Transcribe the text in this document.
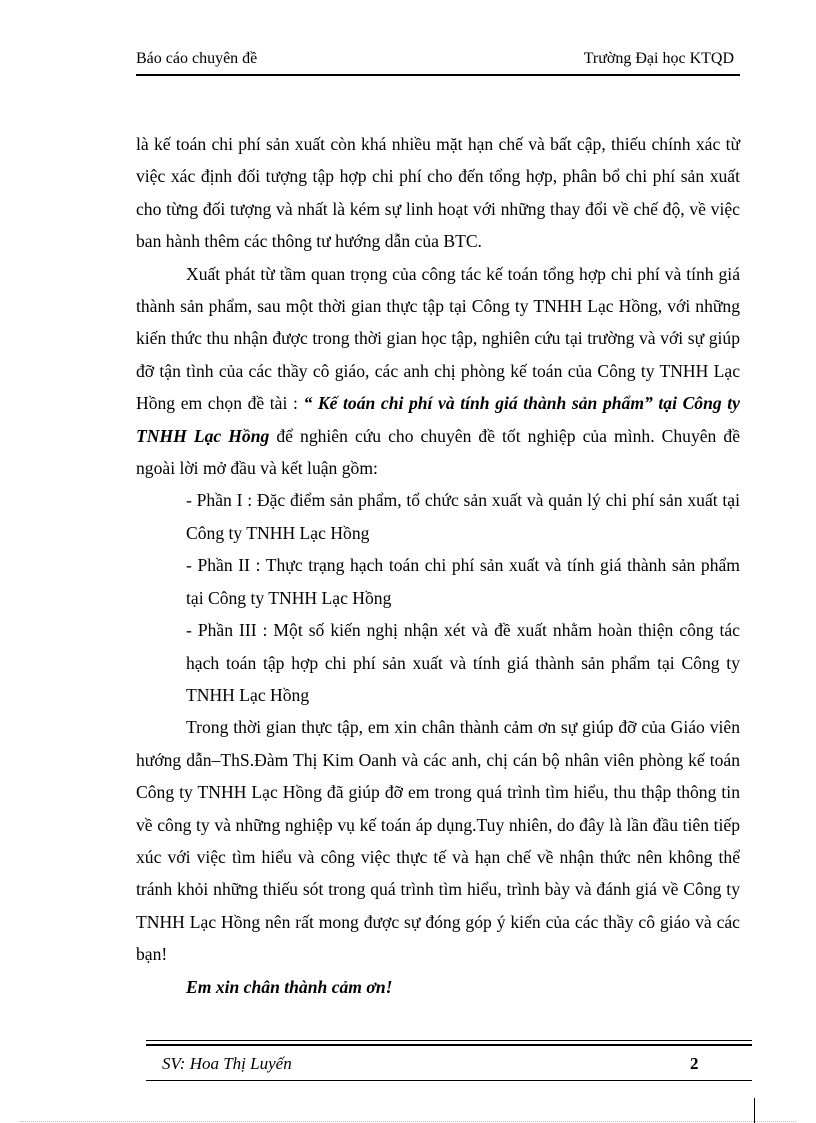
Báo cáo chuyên đề	Trường Đại học KTQD

là kế toán chi phí sản xuất còn khá nhiều mặt hạn chế và bất cập, thiếu chính xác từ việc xác định đối tượng tập hợp chi phí cho đến tổng hợp, phân bổ chi phí sản xuất cho từng đối tượng và nhất là kém sự linh hoạt với những thay đổi về chế độ, về việc ban hành thêm các thông tư hướng dẫn của BTC.

Xuất phát từ tầm quan trọng của công tác kế toán tổng hợp chi phí và tính giá thành sản phẩm, sau một thời gian thực tập tại Công ty TNHH Lạc Hồng, với những kiến thức thu nhận được trong thời gian học tập, nghiên cứu tại trường và với sự giúp đỡ tận tình của các thầy cô giáo, các anh chị phòng kế toán của Công ty TNHH Lạc Hồng em chọn đề tài : “ Kế toán chi phí và tính giá thành sản phẩm” tại Công ty TNHH Lạc Hồng để nghiên cứu cho chuyên đề tốt nghiệp của mình. Chuyên đề ngoài lời mở đầu và kết luận gồm:

- Phần I : Đặc điểm sản phẩm, tổ chức sản xuất và quản lý chi phí sản xuất tại Công ty TNHH Lạc Hồng

- Phần II : Thực trạng hạch toán chi phí sản xuất và tính giá thành sản phẩm tại Công ty TNHH Lạc Hồng

- Phần III : Một số kiến nghị nhận xét và đề xuất nhằm hoàn thiện công tác hạch toán tập hợp chi phí sản xuất và tính giá thành sản phẩm tại Công ty TNHH Lạc Hồng

Trong thời gian thực tập, em xin chân thành cảm ơn sự giúp đỡ của Giáo viên hướng dẫn–ThS.Đàm Thị Kim Oanh và các anh, chị cán bộ nhân viên phòng kế toán Công ty TNHH Lạc Hồng đã giúp đỡ em trong quá trình tìm hiểu, thu thập thông tin về công ty và những nghiệp vụ kế toán áp dụng.Tuy nhiên, do đây là lần đầu tiên tiếp xúc với việc tìm hiểu và công việc thực tế và hạn chế về nhận thức nên không thể tránh khỏi những thiếu sót trong quá trình tìm hiểu, trình bày và đánh giá về Công ty TNHH Lạc Hồng nên rất mong được sự đóng góp ý kiến của các thầy cô giáo và các bạn!

Em xin chân thành cảm ơn!

SV: Hoa Thị Luyến	2
